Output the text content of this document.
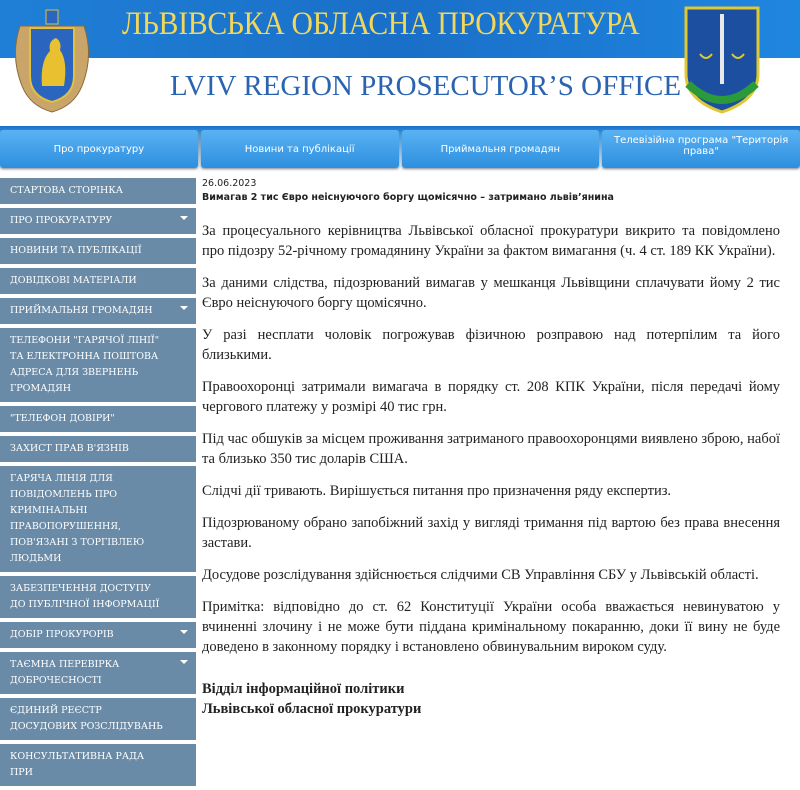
ЛЬВІВСЬКА ОБЛАСНА ПРОКУРАТУРА
LVIV REGION PROSECUTOR’S OFFICE
Про прокуратуру	Новини та публікації	Приймальня громадян
Телевізійна програма "Територія права"
СТАРТОВА СТОРІНКА
ПРО ПРОКУРАТУРУ
НОВИНИ ТА ПУБЛІКАЦІЇ
ДОВІДКОВІ МАТЕРІАЛИ
ПРИЙМАЛЬНЯ ГРОМАДЯН
ТЕЛЕФОНИ "ГАРЯЧОЇ ЛІНІЇ" ТА ЕЛЕКТРОННА ПОШТОВА АДРЕСА ДЛЯ ЗВЕРНЕНЬ ГРОМАДЯН
"ТЕЛЕФОН ДОВІРИ"
ЗАХИСТ ПРАВ В'ЯЗНІВ
ГАРЯЧА ЛІНІЯ ДЛЯ ПОВІДОМЛЕНЬ ПРО КРИМІНАЛЬНІ ПРАВОПОРУШЕННЯ, ПОВ'ЯЗАНІ З ТОРГІВЛЕЮ ЛЮДЬМИ
ЗАБЕЗПЕЧЕННЯ ДОСТУПУ ДО ПУБЛІЧНОЇ ІНФОРМАЦІЇ
ДОБІР ПРОКУРОРІВ
ТАЄМНА ПЕРЕВІРКА ДОБРОЧЕСНОСТІ
ЄДИНИЙ РЕЄСТР ДОСУДОВИХ РОЗСЛІДУВАНЬ
КОНСУЛЬТАТИВНА РАДА ПРИ
26.06.2023
Вимагав 2 тис Євро неіснуючого боргу щомісячно – затримано львів’янина

За процесуального керівництва Львівської обласної прокуратури викрито та повідомлено про підозру 52-річному громадянину України за фактом вимагання (ч. 4 ст. 189 КК України).

За даними слідства, підозрюваний вимагав у мешканця Львівщини сплачувати йому 2 тис Євро неіснуючого боргу щомісячно.

У разі несплати чоловік погрожував фізичною розправою над потерпілим та його близькими.

Правоохоронці затримали вимагача в порядку ст. 208 КПК України, після передачі йому чергового платежу у розмірі 40 тис грн.

Під час обшуків за місцем проживання затриманого правоохоронцями виявлено зброю, набої та близько 350 тис доларів США.

Слідчі дії тривають. Вирішується питання про призначення ряду експертиз.

Підозрюваному обрано запобіжний захід у вигляді тримання під вартою без права внесення застави.

Досудове розслідування здійснюється слідчими СВ Управління СБУ у Львівській області.

Примітка: відповідно до ст. 62 Конституції України особа вважається невинуватою у вчиненні злочину і не може бути піддана кримінальному покаранню, доки її вину не буде доведено в законному порядку і встановлено обвинувальним вироком суду.

Відділ інформаційної політики
Львівської обласної прокуратури
